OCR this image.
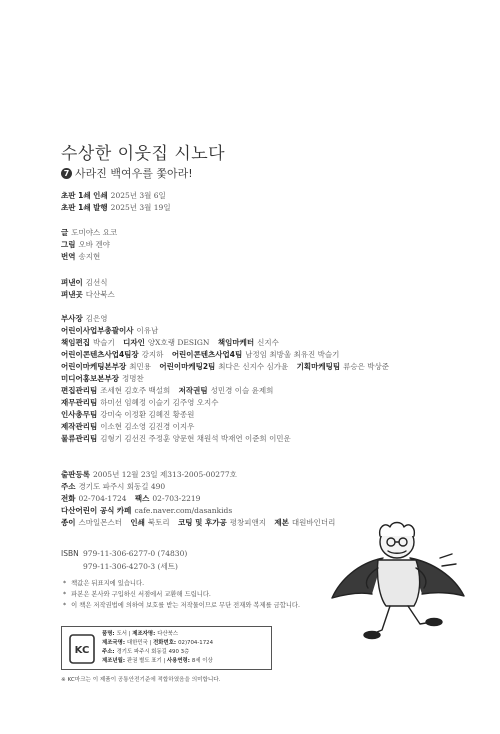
수상한 이웃집 시노다
7 사라진 백여우를 쫓아라!
초판 1쇄 인쇄 2025년 3월 6일
초판 1쇄 발행 2025년 3월 19일
글 도미야스 요코
그림 오바 겐야
번역 송지현
펴낸이 김선식
펴낸곳 다산북스
부사장 김은영
어린이사업부총괄이사 이유남
책임편집 박슬기 디자인 양X호랭 DESIGN 책임마케터 신지수
어린이콘텐츠사업4팀장 강지하 어린이콘텐츠사업4팀 남정임 최방울 최유진 박슬기
어린이마케팅본부장 최민용 어린이마케팅2팀 최다은 신지수 심가윤 기획마케팅팀 류승은 박상준
미디어홍보본부장 정명찬
편집관리팀 조세현 김호주 백설희 저작권팀 성민경 이슬 윤제희
재무관리팀 하미선 임혜정 이슬기 김주영 오지수
인사총무팀 강미숙 이정환 김혜진 황종원
제작관리팀 이소현 김소영 김진경 이지우
물류관리팀 김형기 김선진 주정훈 양문현 채원석 박재연 이준희 이민운
출판등록 2005년 12월 23일 제313-2005-00277호
주소 경기도 파주시 회동길 490
전화 02-704-1724 팩스 02-703-2219
다산어린이 공식 카페 cafe.naver.com/dasankids
종이 스마일몬스터 인쇄 북토리 코팅 및 후가공 평창피앤지 제본 대원바인더리
ISBN 979-11-306-6277-0 (74830)
979-11-306-4270-3 (세트)
* 책값은 뒤표지에 있습니다.
* 파본은 본사와 구입하신 서점에서 교환해 드립니다.
* 이 책은 저작권법에 의하여 보호를 받는 저작물이므로 무단 전재와 복제를 금합니다.
KC
품명: 도서 | 제조자명: 다산북스
제조국명: 대한민국 | 전화번호: 02)704-1724
주소: 경기도 파주시 회동길 490 3층
제조년월: 판권 별도 표기 | 사용연령: 8세 이상
※ KC마크는 이 제품이 공통안전기준에 적합하였음을 의미합니다.
